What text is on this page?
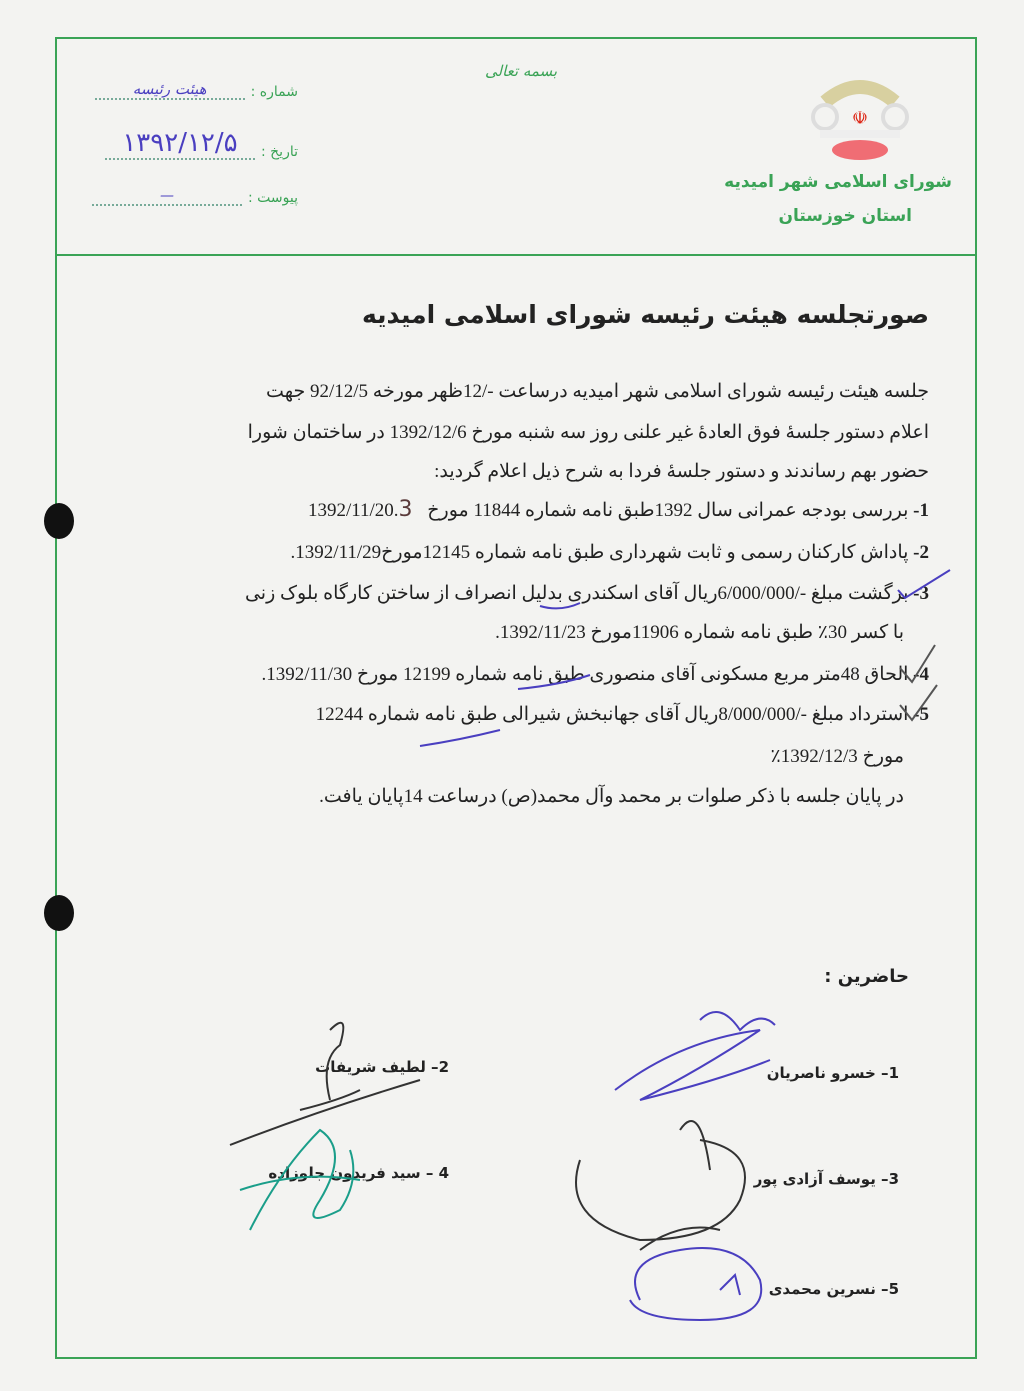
بسمه تعالی
☫
شورای اسلامی شهر امیدیه
استان خوزستان
شماره :
هیئت رئیسه
تاریخ :
۱۳۹۲/۱۲/۵
پیوست :
—
صورتجلسه هیئت رئیسه شورای اسلامی امیدیه
جلسه هیئت رئیسه شورای اسلامی شهر امیدیه درساعت -/12ظهر مورخه 92/12/5 جهت
اعلام دستور جلسهٔ فوق العادهٔ غیر علنی روز سه شنبه مورخ 1392/12/6 در ساختمان شورا
حضور بهم رساندند و دستور جلسهٔ فردا به شرح ذیل اعلام گردید:
1- بررسی بودجه عمرانی سال 1392طبق نامه شماره 11844 مورخ 1392/11/20.3
2- پاداش کارکنان رسمی و ثابت شهرداری طبق نامه شماره 12145مورخ1392/11/29.
3- برگشت مبلغ -/6/000/000ریال آقای اسکندری بدلیل انصراف از ساختن کارگاه بلوک زنی
با کسر 30٪ طبق نامه شماره 11906مورخ 1392/11/23.
4- الحاق 48متر مربع مسکونی آقای منصوری طبق نامه شماره 12199 مورخ 1392/11/30.
5- استرداد مبلغ -/8/000/000ریال آقای جهانبخش شیرالی طبق نامه شماره 12244
مورخ 1392/12/3٪
در پایان جلسه با ذکر صلوات بر محمد وآل محمد(ص) درساعت 14پایان یافت.
حاضرین :
1– خسرو ناصریان
2– لطیف شریفات
3– یوسف آزادی پور
4 – سید فریدون جلوزاده
5– نسرین محمدی
